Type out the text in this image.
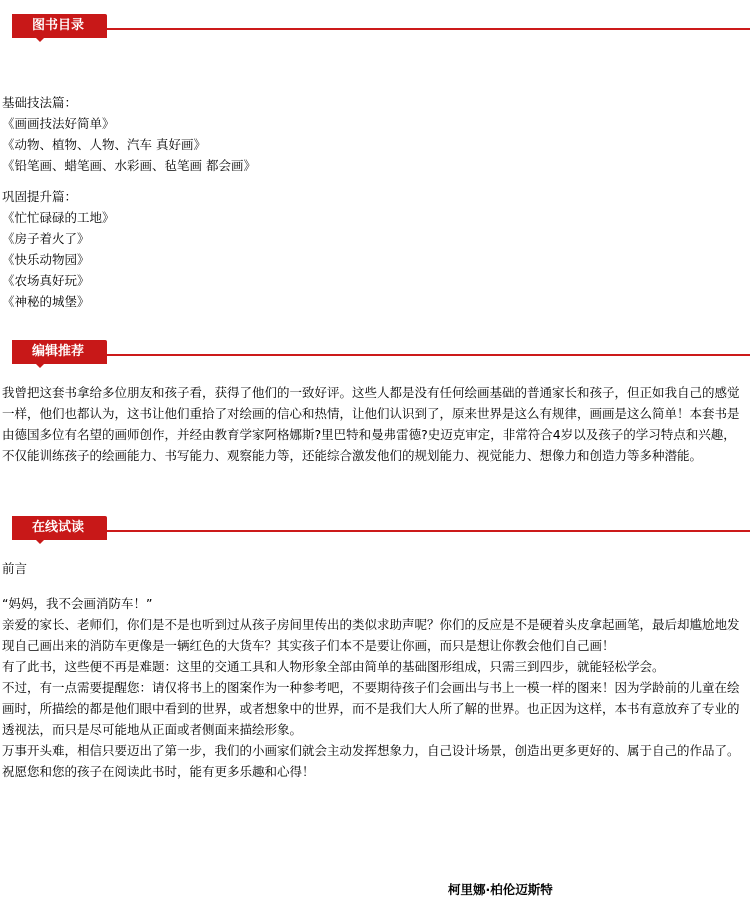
图书目录
基础技法篇：
《画画技法好简单》
《动物、植物、人物、汽车 真好画》
《铅笔画、蜡笔画、水彩画、毡笔画 都会画》
巩固提升篇：
《忙忙碌碌的工地》
《房子着火了》
《快乐动物园》
《农场真好玩》
《神秘的城堡》
编辑推荐
我曾把这套书拿给多位朋友和孩子看，获得了他们的一致好评。这些人都是没有任何绘画基础的普通家长和孩子，但正如我自己的感觉一样，他们也都认为，这书让他们重拾了对绘画的信心和热情，让他们认识到了，原来世界是这么有规律，画画是这么简单！本套书是由德国多位有名望的画师创作，并经由教育学家阿格娜斯?里巴特和曼弗雷德?史迈克审定，非常符合4岁以及孩子的学习特点和兴趣，不仅能训练孩子的绘画能力、书写能力、观察能力等，还能综合激发他们的规划能力、视觉能力、想像力和创造力等多种潜能。
在线试读
前言
“妈妈，我不会画消防车！”
亲爱的家长、老师们，你们是不是也听到过从孩子房间里传出的类似求助声呢？你们的反应是不是硬着头皮拿起画笔，最后却尴尬地发现自己画出来的消防车更像是一辆红色的大货车？其实孩子们本不是要让你画，而只是想让你教会他们自己画！
有了此书，这些便不再是难题：这里的交通工具和人物形象全部由简单的基础图形组成，只需三到四步，就能轻松学会。
不过，有一点需要提醒您：请仅将书上的图案作为一种参考吧，不要期待孩子们会画出与书上一模一样的图来！因为学龄前的儿童在绘画时，所描绘的都是他们眼中看到的世界，或者想象中的世界，而不是我们大人所了解的世界。也正因为这样，本书有意放弃了专业的透视法，而只是尽可能地从正面或者侧面来描绘形象。
万事开头难，相信只要迈出了第一步，我们的小画家们就会主动发挥想象力，自己设计场景，创造出更多更好的、属于自己的作品了。
祝愿您和您的孩子在阅读此书时，能有更多乐趣和心得！
柯里娜·柏伦迈斯特
